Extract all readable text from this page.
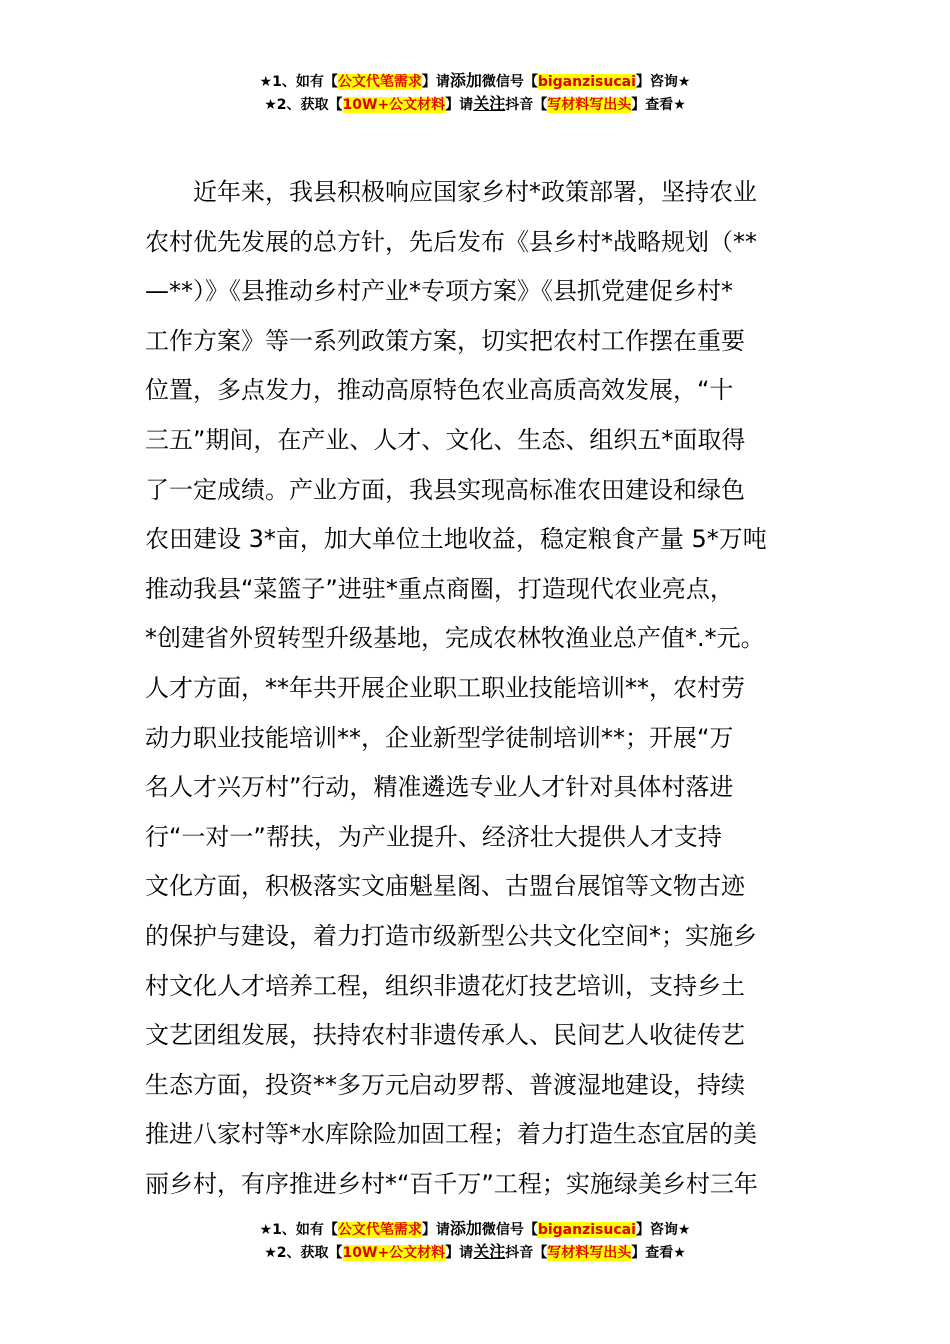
★1、如有【公文代笔需求】请添加微信号【biganzisucai】咨询★
★2、获取【10W+公文材料】请关注抖音【写材料写出头】查看★
　　近年来，我县积极响应国家乡村*政策部署，坚持农业
农村优先发展的总方针，先后发布《县乡村*战略规划（**
—**）》《县推动乡村产业*专项方案》《县抓党建促乡村*
工作方案》等一系列政策方案，切实把农村工作摆在重要
位置，多点发力，推动高原特色农业高质高效发展，“十
三五”期间，在产业、人才、文化、生态、组织五*面取得
了一定成绩。产业方面，我县实现高标准农田建设和绿色
农田建设 3*亩，加大单位土地收益，稳定粮食产量 5*万吨
推动我县“菜篮子”进驻*重点商圈，打造现代农业亮点，
*创建省外贸转型升级基地，完成农林牧渔业总产值*.*元。
人才方面，**年共开展企业职工职业技能培训**，农村劳
动力职业技能培训**，企业新型学徒制培训**；开展“万
名人才兴万村”行动，精准遴选专业人才针对具体村落进
行“一对一”帮扶，为产业提升、经济壮大提供人才支持
文化方面，积极落实文庙魁星阁、古盟台展馆等文物古迹
的保护与建设，着力打造市级新型公共文化空间*；实施乡
村文化人才培养工程，组织非遗花灯技艺培训，支持乡土
文艺团组发展，扶持农村非遗传承人、民间艺人收徒传艺
生态方面，投资**多万元启动罗帮、普渡湿地建设，持续
推进八家村等*水库除险加固工程；着力打造生态宜居的美
丽乡村，有序推进乡村*“百千万”工程；实施绿美乡村三年
★1、如有【公文代笔需求】请添加微信号【biganzisucai】咨询★
★2、获取【10W+公文材料】请关注抖音【写材料写出头】查看★
